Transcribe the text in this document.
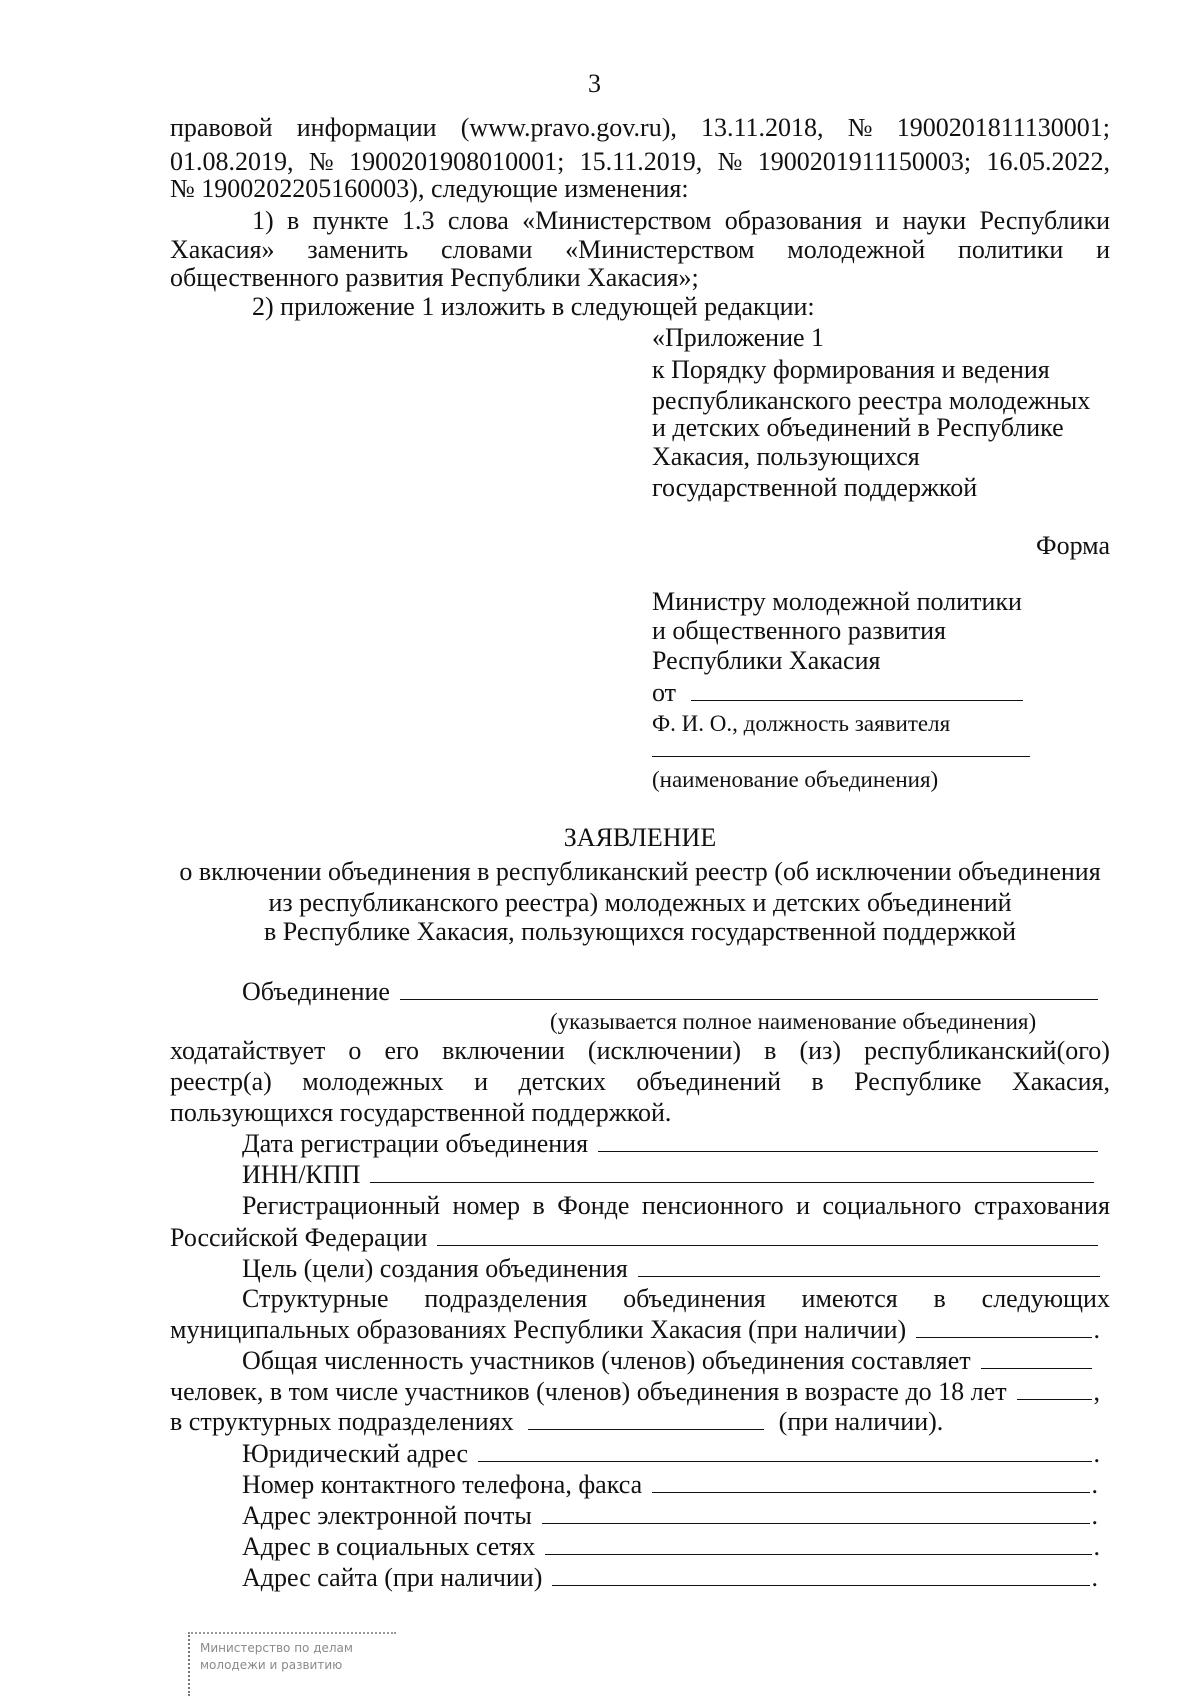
3
правовой информации (www.pravo.gov.ru), 13.11.2018, № 1900201811130001;
01.08.2019, № 1900201908010001; 15.11.2019, № 1900201911150003; 16.05.2022,
№ 1900202205160003), следующие изменения:
1) в пункте 1.3 слова «Министерством образования и науки Республики
Хакасия» заменить словами «Министерством молодежной политики и
общественного развития Республики Хакасия»;
2) приложение 1 изложить в следующей редакции:
«Приложение 1
к Порядку формирования и ведения
республиканского реестра молодежных
и детских объединений в Республике
Хакасия, пользующихся
государственной поддержкой
Форма
Министру молодежной политики
и общественного развития
Республики Хакасия
от
Ф. И. О., должность заявителя
(наименование объединения)
ЗАЯВЛЕНИЕ
о включении объединения в республиканский реестр (об исключении объединения
из республиканского реестра) молодежных и детских объединений
в Республике Хакасия, пользующихся государственной поддержкой
Объединение
(указывается полное наименование объединения)
ходатайствует о его включении (исключении) в (из) республиканский(ого)
реестр(а) молодежных и детских объединений в Республике Хакасия,
пользующихся государственной поддержкой.
Дата регистрации объединения
ИНН/КПП
Регистрационный номер в Фонде пенсионного и социального страхования
Российской Федерации
Цель (цели) создания объединения
Структурные подразделения объединения имеются в следующих
муниципальных образованиях Республики Хакасия (при наличии)	.
Общая численность участников (членов) объединения составляет
человек, в том числе участников (членов) объединения в возрасте до 18 лет	,
в структурных подразделениях	(при наличии).
Юридический адрес	.
Номер контактного телефона, факса	.
Адрес электронной почты	.
Адрес в социальных сетях	.
Адрес сайта (при наличии)	.
Министерство по делам
молодежи и развитию
